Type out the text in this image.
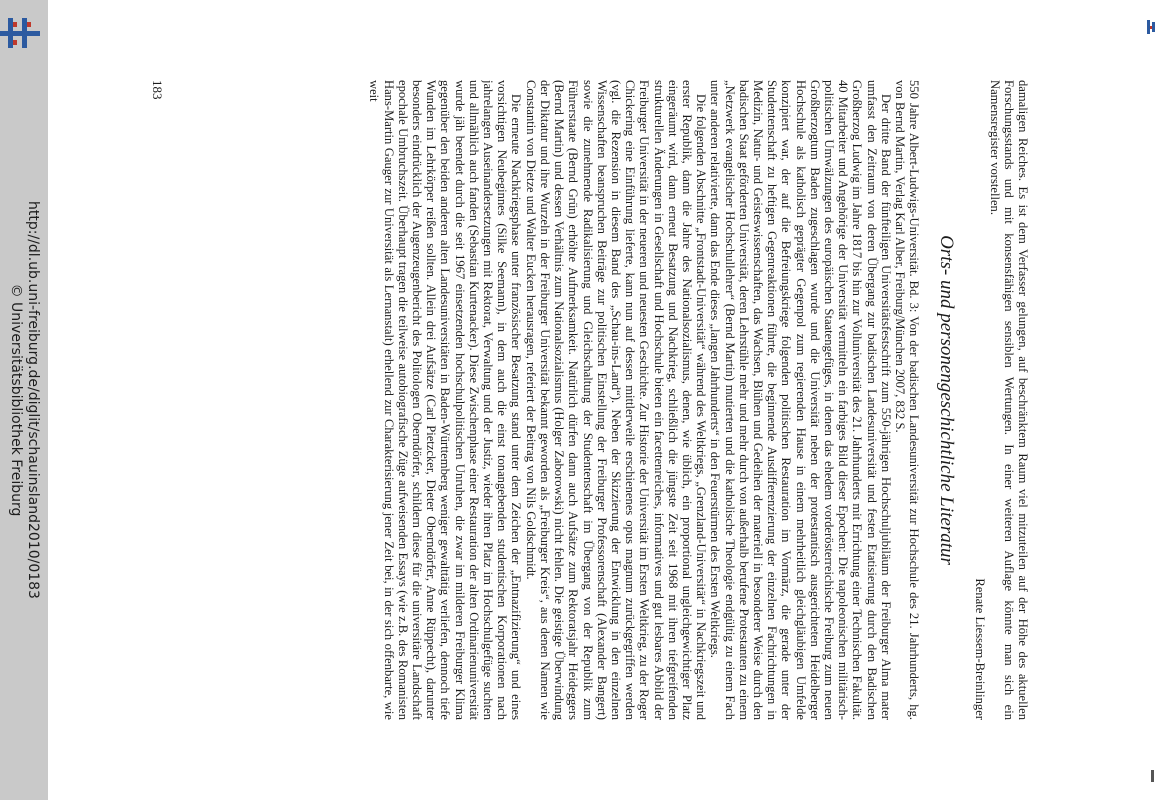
http://dl.ub.uni-freiburg.de/diglit/schauinsland2010/0183
© Universitätsbibliothek Freiburg	damaligen Reiches. Es ist dem Verfasser gelungen, auf beschränktem Raum viel mitzuteilen auf der Höhe des aktuellen Forschungsstands und mit konsensfähigen sensiblen Wertungen. In einer weiteren Auflage könnte man sich ein Namensregister vorstellen.

Renate Liessem-Breinlinger

Orts- und personengeschichtliche Literatur

550 Jahre Albert-Ludwigs-Universität. Bd. 3: Von der badischen Landesuniversität zur Hochschule des 21. Jahrhunderts, hg. von Bernd Martin, Verlag Karl Alber, Freiburg/München 2007, 832 S.

Der dritte Band der fünfteiligen Universitätsfestschrift zum 550-jährigen Hochschuljubiläum der Freiburger Alma mater umfasst den Zeitraum von deren Übergang zur badischen Landesuniversität und festen Etatisierung durch den Badischen Großherzog Ludwig im Jahre 1817 bis hin zur Volluniversität des 21. Jahrhunderts mit Errichtung einer Technischen Fakultät. 40 Mitarbeiter und Angehörige der Universität vermitteln ein farbiges Bild dieser Epochen: Die napoleonischen militärisch-politischen Umwälzungen des europäischen Staatengefüges, in denen das ehedem vorderösterreichische Freiburg zum neuen Großherzogtum Baden zugeschlagen wurde und die Universität neben der protestantisch ausgerichteten Heidelberger Hochschule als katholisch geprägter Gegenpol zum regierenden Hause in einem mehrheitlich gleichgläubigen Umfelde konzipiert war, der auf die Befreiungskriege folgenden politischen Restauration im Vormärz, die gerade unter der Studentenschaft zu heftigen Gegenreaktionen führte, die beginnende Ausdifferenzierung der einzelnen Fachrichtungen in Medizin, Natur- und Geisteswissenschaften, das Wachsen, Blühen und Gedeihen der materiell in besonderer Weise durch den badischen Staat geförderten Universität, deren Lehrstühle mehr und mehr durch von außerhalb berufene Protestanten zu einem „Netzwerk evangelischer Hochschullehrer“ (Bernd Martin) mutierten und die katholische Theologie endgültig zu einem Fach unter anderen relativierte, dann das Ende dieses „langen Jahrhunderts“ in den Feuerstürmen des Ersten Weltkriegs.

Die folgenden Abschnitte „Frontstadt-Universität“ während des Weltkriegs, „Grenzland-Universität“ in Nachkriegszeit und erster Republik, dann die Jahre des Nationalsozialismus, denen, wie üblich, ein proportional ungleichgewichtiger Platz eingeräumt wird, dann erneut Besatzung und Nachkrieg, schließlich die jüngste Zeit seit 1968 mit ihren tiefgreifenden strukturellen Änderungen in Gesellschaft und Hochschule bieten ein facettenreiches, informatives und gut lesbares Abbild der Freiburger Universität in der neueren und neuesten Geschichte. Zur Historie der Universität im Ersten Weltkrieg, zu der Roger Chickering eine Einführung lieferte, kann nun auf dessen mittlerweile erschienenes opus magnum zurückgegriffen werden (vgl. die Rezension in diesem Band des „Schau-ins-Land“). Neben der Skizzierung der Entwicklung in den einzelnen Wissenschaften beanspruchen Beiträge zur politischen Einstellung der Freiburger Professorenschaft (Alexander Bangert) sowie die zunehmende Radikalisierung und Gleichschaltung der Studentenschaft im Übergang von der Republik zum Führerstaate (Bernd Grün) erhöhte Aufmerksamkeit. Natürlich dürfen dann auch Aufsätze zum Rektoratsjahr Heideggers (Bernd Martin) und dessen Verhältnis zum Nationalsozialismus (Holger Zaborowski) nicht fehlen. Die geistige Überwindung der Diktatur und ihre Wurzeln in der Freiburger Universität bekannt geworden als „Freiburger Kreis“, aus denen Namen wie Constantin von Dietze und Walter Eucken herausragen, referiert der Beitrag von Nils Goldschmidt.

Die erneute Nachkriegsphase unter französischer Besatzung stand unter dem Zeichen der „Entnazifizierung“ und eines vorsichtigen Neubeginnes (Silke Seemann), in dem auch die einst tonangebenden studentischen Korporationen nach jahrelangen Auseinandersetzungen mit Rektorat, Verwaltung und der Justiz, wieder ihren Platz im Hochschulgefüge suchten und allmählich auch fanden (Sebastian Kurtenacker). Diese Zwischenphase einer Restauration der alten Ordinarienuniversität wurde jäh beendet durch die seit 1967 einsetzenden hochschulpolitischen Unruhen, die zwar im milderen Freiburger Klima gegenüber den beiden anderen alten Landesuniversitäten in Baden-Württemberg weniger gewalttätig verliefen, dennoch tiefe Wunden im Lehrkörper reißen sollten. Allein drei Aufsätze (Carl Pietzcker, Dieter Oberndörfer, Anne Rüppecht), darunter besonders eindrücklich der Augenzeugenbericht des Politologen Oberndörfer, schildern diese für die universitäre Landschaft epochale Umbruchszeit. Überhaupt tragen die teilweise autobiografische Züge aufweisenden Essays (wie z.B. des Romanisten Hans-Martin Gauger zur Universität als Lernanstalt) erhellend zur Charakterisierung jener Zeit bei, in der sich offenbarte, wie weit

183
